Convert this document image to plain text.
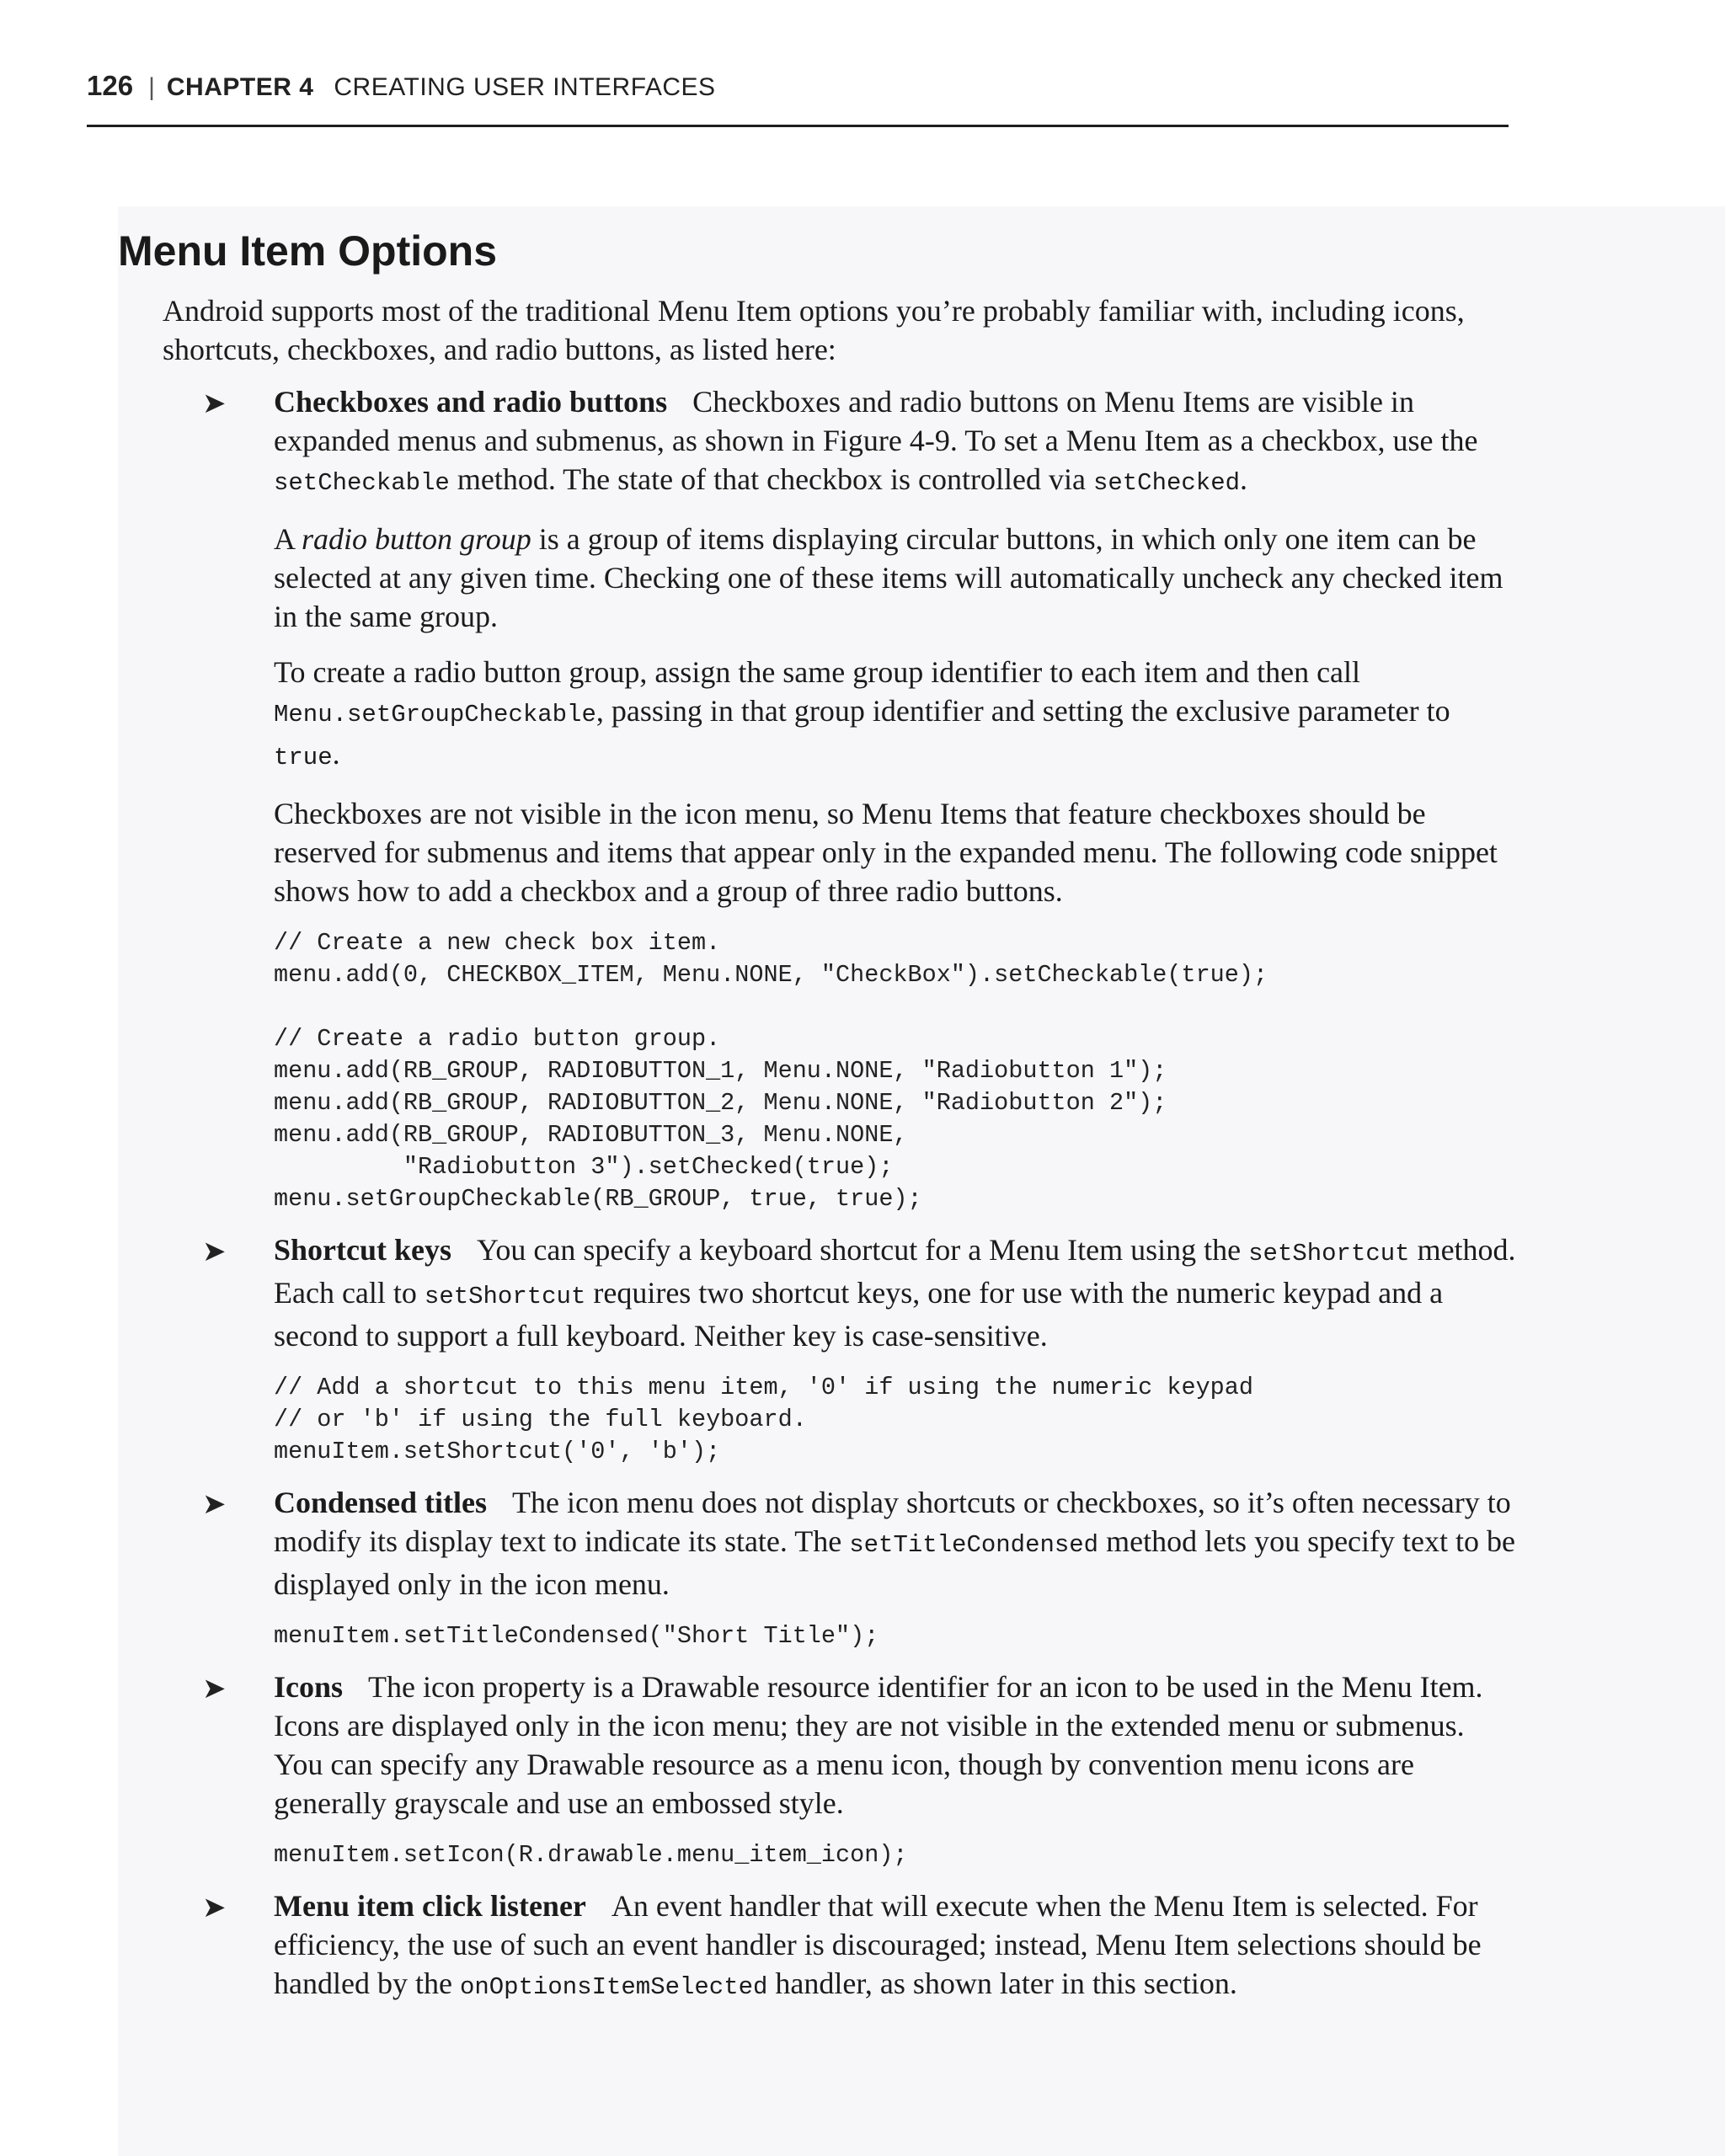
126 | CHAPTER 4 CREATING USER INTERFACES
Menu Item Options

Android supports most of the traditional Menu Item options you’re probably familiar with, including icons, shortcuts, checkboxes, and radio buttons, as listed here:

➤ Checkboxes and radio buttons Checkboxes and radio buttons on Menu Items are visible in expanded menus and submenus, as shown in Figure 4-9. To set a Menu Item as a checkbox, use the setCheckable method. The state of that checkbox is controlled via setChecked.

A radio button group is a group of items displaying circular buttons, in which only one item can be selected at any given time. Checking one of these items will automatically uncheck any checked item in the same group.

To create a radio button group, assign the same group identifier to each item and then call Menu.setGroupCheckable, passing in that group identifier and setting the exclusive parameter to true.

Checkboxes are not visible in the icon menu, so Menu Items that feature checkboxes should be reserved for submenus and items that appear only in the expanded menu. The following code snippet shows how to add a checkbox and a group of three radio buttons.

// Create a new check box item.
menu.add(0, CHECKBOX_ITEM, Menu.NONE, "CheckBox").setCheckable(true);

// Create a radio button group.
menu.add(RB_GROUP, RADIOBUTTON_1, Menu.NONE, "Radiobutton 1");
menu.add(RB_GROUP, RADIOBUTTON_2, Menu.NONE, "Radiobutton 2");
menu.add(RB_GROUP, RADIOBUTTON_3, Menu.NONE,
"Radiobutton 3").setChecked(true);
menu.setGroupCheckable(RB_GROUP, true, true);
➤ Shortcut keys You can specify a keyboard shortcut for a Menu Item using the setShortcut method. Each call to setShortcut requires two shortcut keys, one for use with the numeric keypad and a second to support a full keyboard. Neither key is case-sensitive.

// Add a shortcut to this menu item, '0' if using the numeric keypad
// or 'b' if using the full keyboard.
menuItem.setShortcut('0', 'b');
➤ Condensed titles The icon menu does not display shortcuts or checkboxes, so it’s often necessary to modify its display text to indicate its state. The setTitleCondensed method lets you specify text to be displayed only in the icon menu.

menuItem.setTitleCondensed("Short Title");
➤ Icons The icon property is a Drawable resource identifier for an icon to be used in the Menu Item. Icons are displayed only in the icon menu; they are not visible in the extended menu or submenus. You can specify any Drawable resource as a menu icon, though by convention menu icons are generally grayscale and use an embossed style.

menuItem.setIcon(R.drawable.menu_item_icon);
➤ Menu item click listener An event handler that will execute when the Menu Item is selected. For efficiency, the use of such an event handler is discouraged; instead, Menu Item selections should be handled by the onOptionsItemSelected handler, as shown later in this section.
